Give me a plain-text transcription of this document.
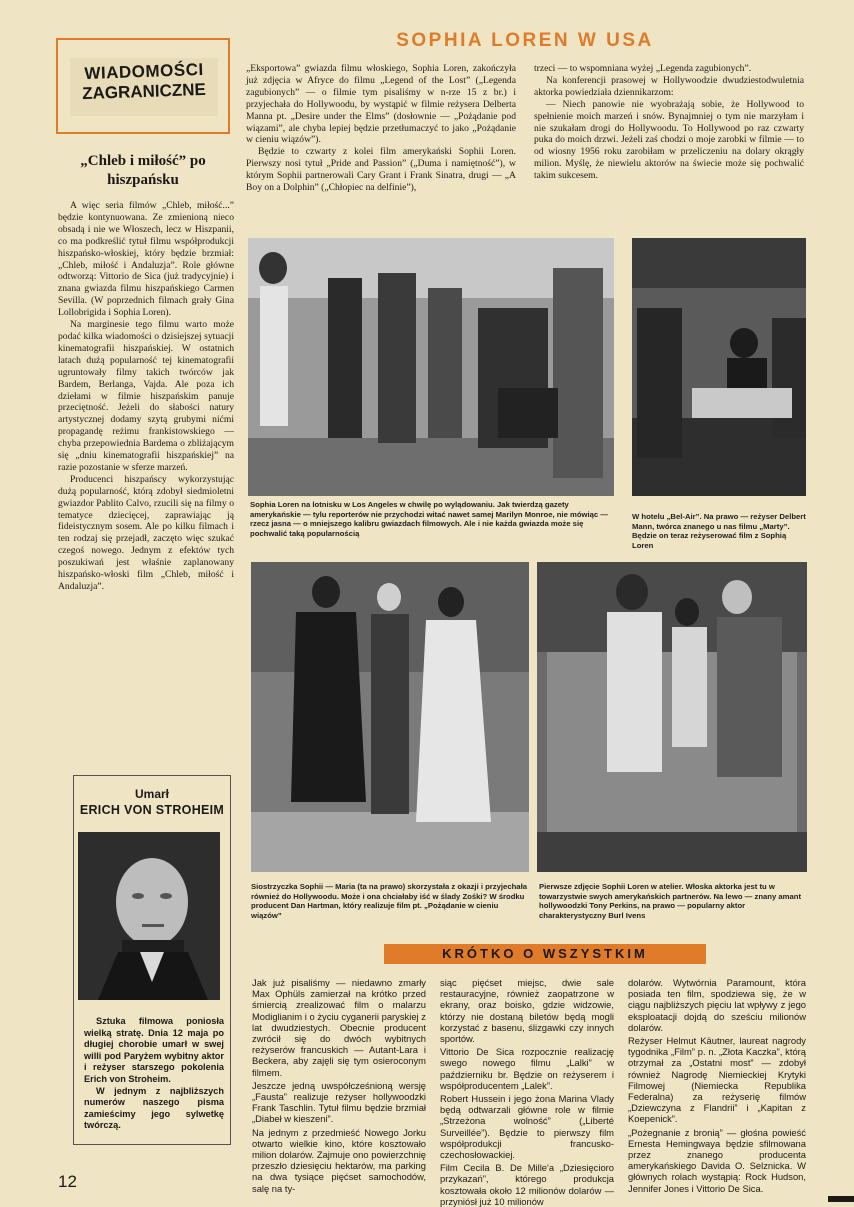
WIADOMOŚCI
ZAGRANICZNE
„Chleb i miłość” po hiszpańsku

A więc seria filmów „Chleb, miłość...” będzie kontynuowana. Ze zmienioną nieco obsadą i nie we Włoszech, lecz w Hiszpanii, co ma podkreślić tytuł filmu współprodukcji hiszpańsko-włoskiej, który będzie brzmiał: „Chleb, miłość i Andaluzja”. Role główne odtworzą: Vittorio de Sica (już tradycyjnie) i znana gwiazda filmu hiszpańskiego Carmen Sevilla. (W poprzednich filmach grały Gina Lollobrigida i Sophia Loren).

Na marginesie tego filmu warto może podać kilka wiadomości o dzisiejszej sytuacji kinematografii hiszpańskiej. W ostatnich latach dużą popularność tej kinematografii ugruntowały filmy takich twórców jak Bardem, Berlanga, Vajda. Ale poza ich dziełami w filmie hiszpańskim panuje przeciętność. Jeżeli do słabości natury artystycznej dodamy szytą grubymi nićmi propagandę reżimu frankistowskiego — chyba przepowiednia Bardema o zbliżającym się „dniu kinematografii hiszpańskiej” na razie pozostanie w sferze marzeń.

Producenci hiszpańscy wykorzystując dużą popularność, którą zdobył siedmioletni gwiazdor Pablito Calvo, rzucili się na filmy o tematyce dziecięcej, zaprawiając ją fideistycznym sosem. Ale po kilku filmach i ten rodzaj się przejadł, zaczęto więc szukać czegoś nowego. Jednym z efektów tych poszukiwań jest właśnie zaplanowany hiszpańsko-włoski film „Chleb, miłość i Andaluzja”.

Umarł
ERICH VON STROHEIM

Sztuka filmowa poniosła wielką stratę. Dnia 12 maja po długiej chorobie umarł w swej willi pod Paryżem wybitny aktor i reżyser starszego pokolenia Erich von Stroheim.

W jednym z najbliższych numerów naszego pisma zamieścimy jego sylwetkę twórczą.

SOPHIA LOREN W USA

„Eksportowa” gwiazda filmu włoskiego, Sophia Loren, zakończyła już zdjęcia w Afryce do filmu „Legend of the Lost” („Legenda zagubionych” — o filmie tym pisaliśmy w n-rze 15 z br.) i przyjechała do Hollywoodu, by wystąpić w filmie reżysera Delberta Manna pt. „Desire under the Elms” (dosłownie — „Pożądanie pod wiązami”, ale chyba lepiej będzie przetłumaczyć to jako „Pożądanie w cieniu wiązów”).

Będzie to czwarty z kolei film amerykański Sophii Loren. Pierwszy nosi tytuł „Pride and Passion” („Duma i namiętność”), w którym Sophii partnerowali Cary Grant i Frank Sinatra, drugi — „A Boy on a Dolphin” („Chłopiec na delfinie”),

trzeci — to wspomniana wyżej „Legenda zagubionych”.

Na konferencji prasowej w Hollywoodzie dwudziestodwuletnia aktorka powiedziała dziennikarzom:

— Niech panowie nie wyobrażają sobie, że Hollywood to spełnienie moich marzeń i snów. Bynajmniej o tym nie marzyłam i nie szukałam drogi do Hollywoodu. To Hollywood po raz czwarty puka do moich drzwi. Jeżeli zaś chodzi o moje zarobki w filmie — to od wiosny 1956 roku zarobiłam w przeliczeniu na dolary okrągły milion. Myślę, że niewielu aktorów na świecie może się pochwalić takim sukcesem.

Sophia Loren na lotnisku w Los Angeles w chwilę po wylądowaniu. Jak twierdzą gazety amerykańskie — tylu reporterów nie przychodzi witać nawet samej Marilyn Monroe, nie mówiąc — rzecz jasna — o mniejszego kalibru gwiazdach filmowych. Ale i nie każda gwiazda może się pochwalić taką popularnością
W hotelu „Bel-Air”. Na prawo — reżyser Delbert Mann, twórca znanego u nas filmu „Marty”. Będzie on teraz reżyserować film z Sophią Loren
Siostrzyczka Sophii — Maria (ta na prawo) skorzystała z okazji i przyjechała również do Hollywoodu. Może i ona chciałaby iść w ślady Zośki? W środku producent Dan Hartman, który realizuje film pt. „Pożądanie w cieniu wiązów”
Pierwsze zdjęcie Sophii Loren w atelier. Włoska aktorka jest tu w towarzystwie swych amerykańskich partnerów. Na lewo — znany amant hollywoodzki Tony Perkins, na prawo — popularny aktor charakterystyczny Burl Ivens
KRÓTKO O WSZYSTKIM

Jak już pisaliśmy — niedawno zmarły Max Ophüls zamierzał na krótko przed śmiercią zrealizować film o malarzu Modiglianim i o życiu cyganerii paryskiej z lat dwudziestych. Obecnie producent zwrócił się do dwóch wybitnych reżyserów francuskich — Autant-Lara i Beckera, aby zajęli się tym osieroconym filmem.

Jeszcze jedną uwspółcześnioną wersję „Fausta” realizuje reżyser hollywoodzki Frank Taschlin. Tytuł filmu będzie brzmiał „Diabeł w kieszeni”.

Na jednym z przedmieść Nowego Jorku otwarto wielkie kino, które kosztowało milion dolarów. Zajmuje ono powierzchnię przeszło dziesięciu hektarów, ma parking na dwa tysiące pięćset samochodów, salę na ty-

siąc pięćset miejsc, dwie sale restauracyjne, również zaopatrzone w ekrany, oraz boisko, gdzie widzowie, którzy nie dostaną biletów będą mogli korzystać z basenu, ślizgawki czy innych sportów.

Vittorio De Sica rozpocznie realizację swego nowego filmu „Lalki” w październiku br. Będzie on reżyserem i współproducentem „Lalek”.

Robert Hussein i jego żona Marina Vlady będą odtwarzali główne role w filmie „Strzeżona wolność” („Liberté Surveillée”). Będzie to pierwszy film współprodukcji francusko-czechosłowackiej.

Film Cecila B. De Mille'a „Dziesięcioro przykazań”, którego produkcja kosztowała około 12 milionów dolarów — przyniósł już 10 milionów

dolarów. Wytwórnia Paramount, która posiada ten film, spodziewa się, że w ciągu najbliższych pięciu lat wpływy z jego eksploatacji dojdą do sześciu milionów dolarów.

Reżyser Helmut Käutner, laureat nagrody tygodnika „Film” p. n. „Złota Kaczka”, którą otrzymał za „Ostatni most” — zdobył również Nagrodę Niemieckiej Krytyki Filmowej (Niemiecka Republika Federalna) za reżyserię filmów „Dziewczyna z Flandrii” i „Kapitan z Koepenick”.

„Pożegnanie z bronią” — głośna powieść Ernesta Hemingwaya będzie sfilmowana przez znanego producenta amerykańskiego Davida O. Selznicka. W głównych rolach wystąpią: Rock Hudson, Jennifer Jones i Vittorio De Sica.

12
